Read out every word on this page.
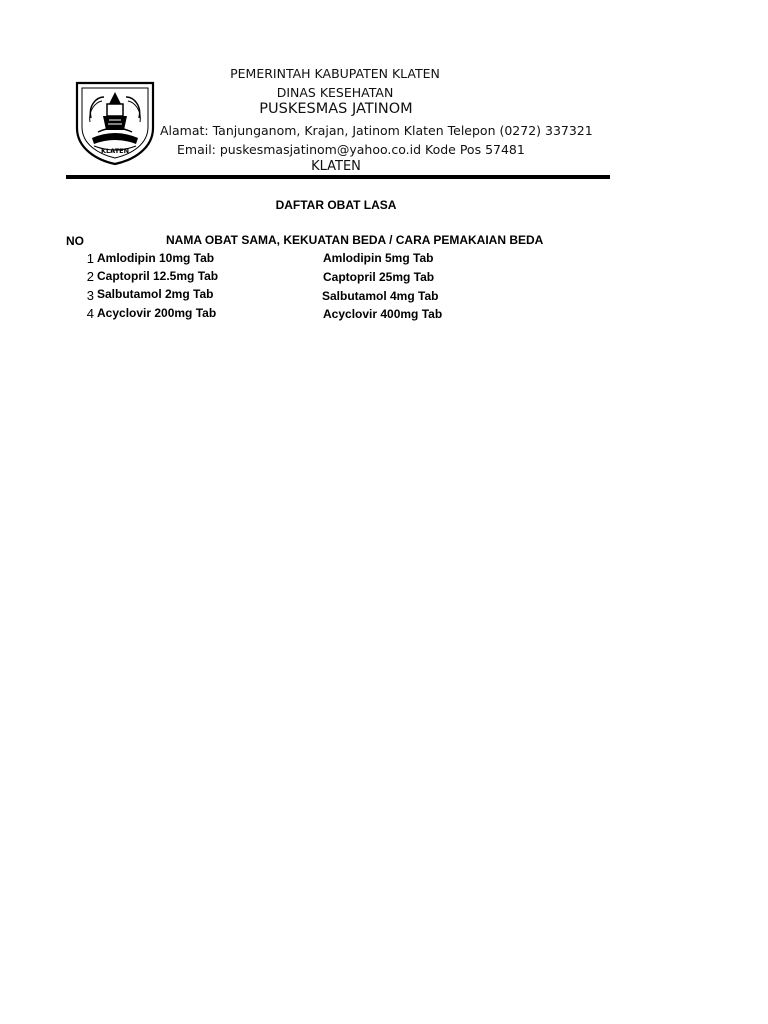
KLATEN
PEMERINTAH KABUPATEN KLATEN
DINAS KESEHATAN
PUSKESMAS JATINOM
Alamat: Tanjunganom, Krajan, Jatinom Klaten Telepon (0272) 337321
Email: puskesmasjatinom@yahoo.co.id Kode Pos 57481
KLATEN
DAFTAR OBAT LASA
NO	NAMA OBAT SAMA, KEKUATAN BEDA / CARA PEMAKAIAN BEDA
1 Amlodipin 10mg Tab	Amlodipin 5mg Tab
2 Captopril 12.5mg Tab	Captopril 25mg Tab
3 Salbutamol 2mg Tab	Salbutamol 4mg Tab
4 Acyclovir 200mg Tab	Acyclovir 400mg Tab
